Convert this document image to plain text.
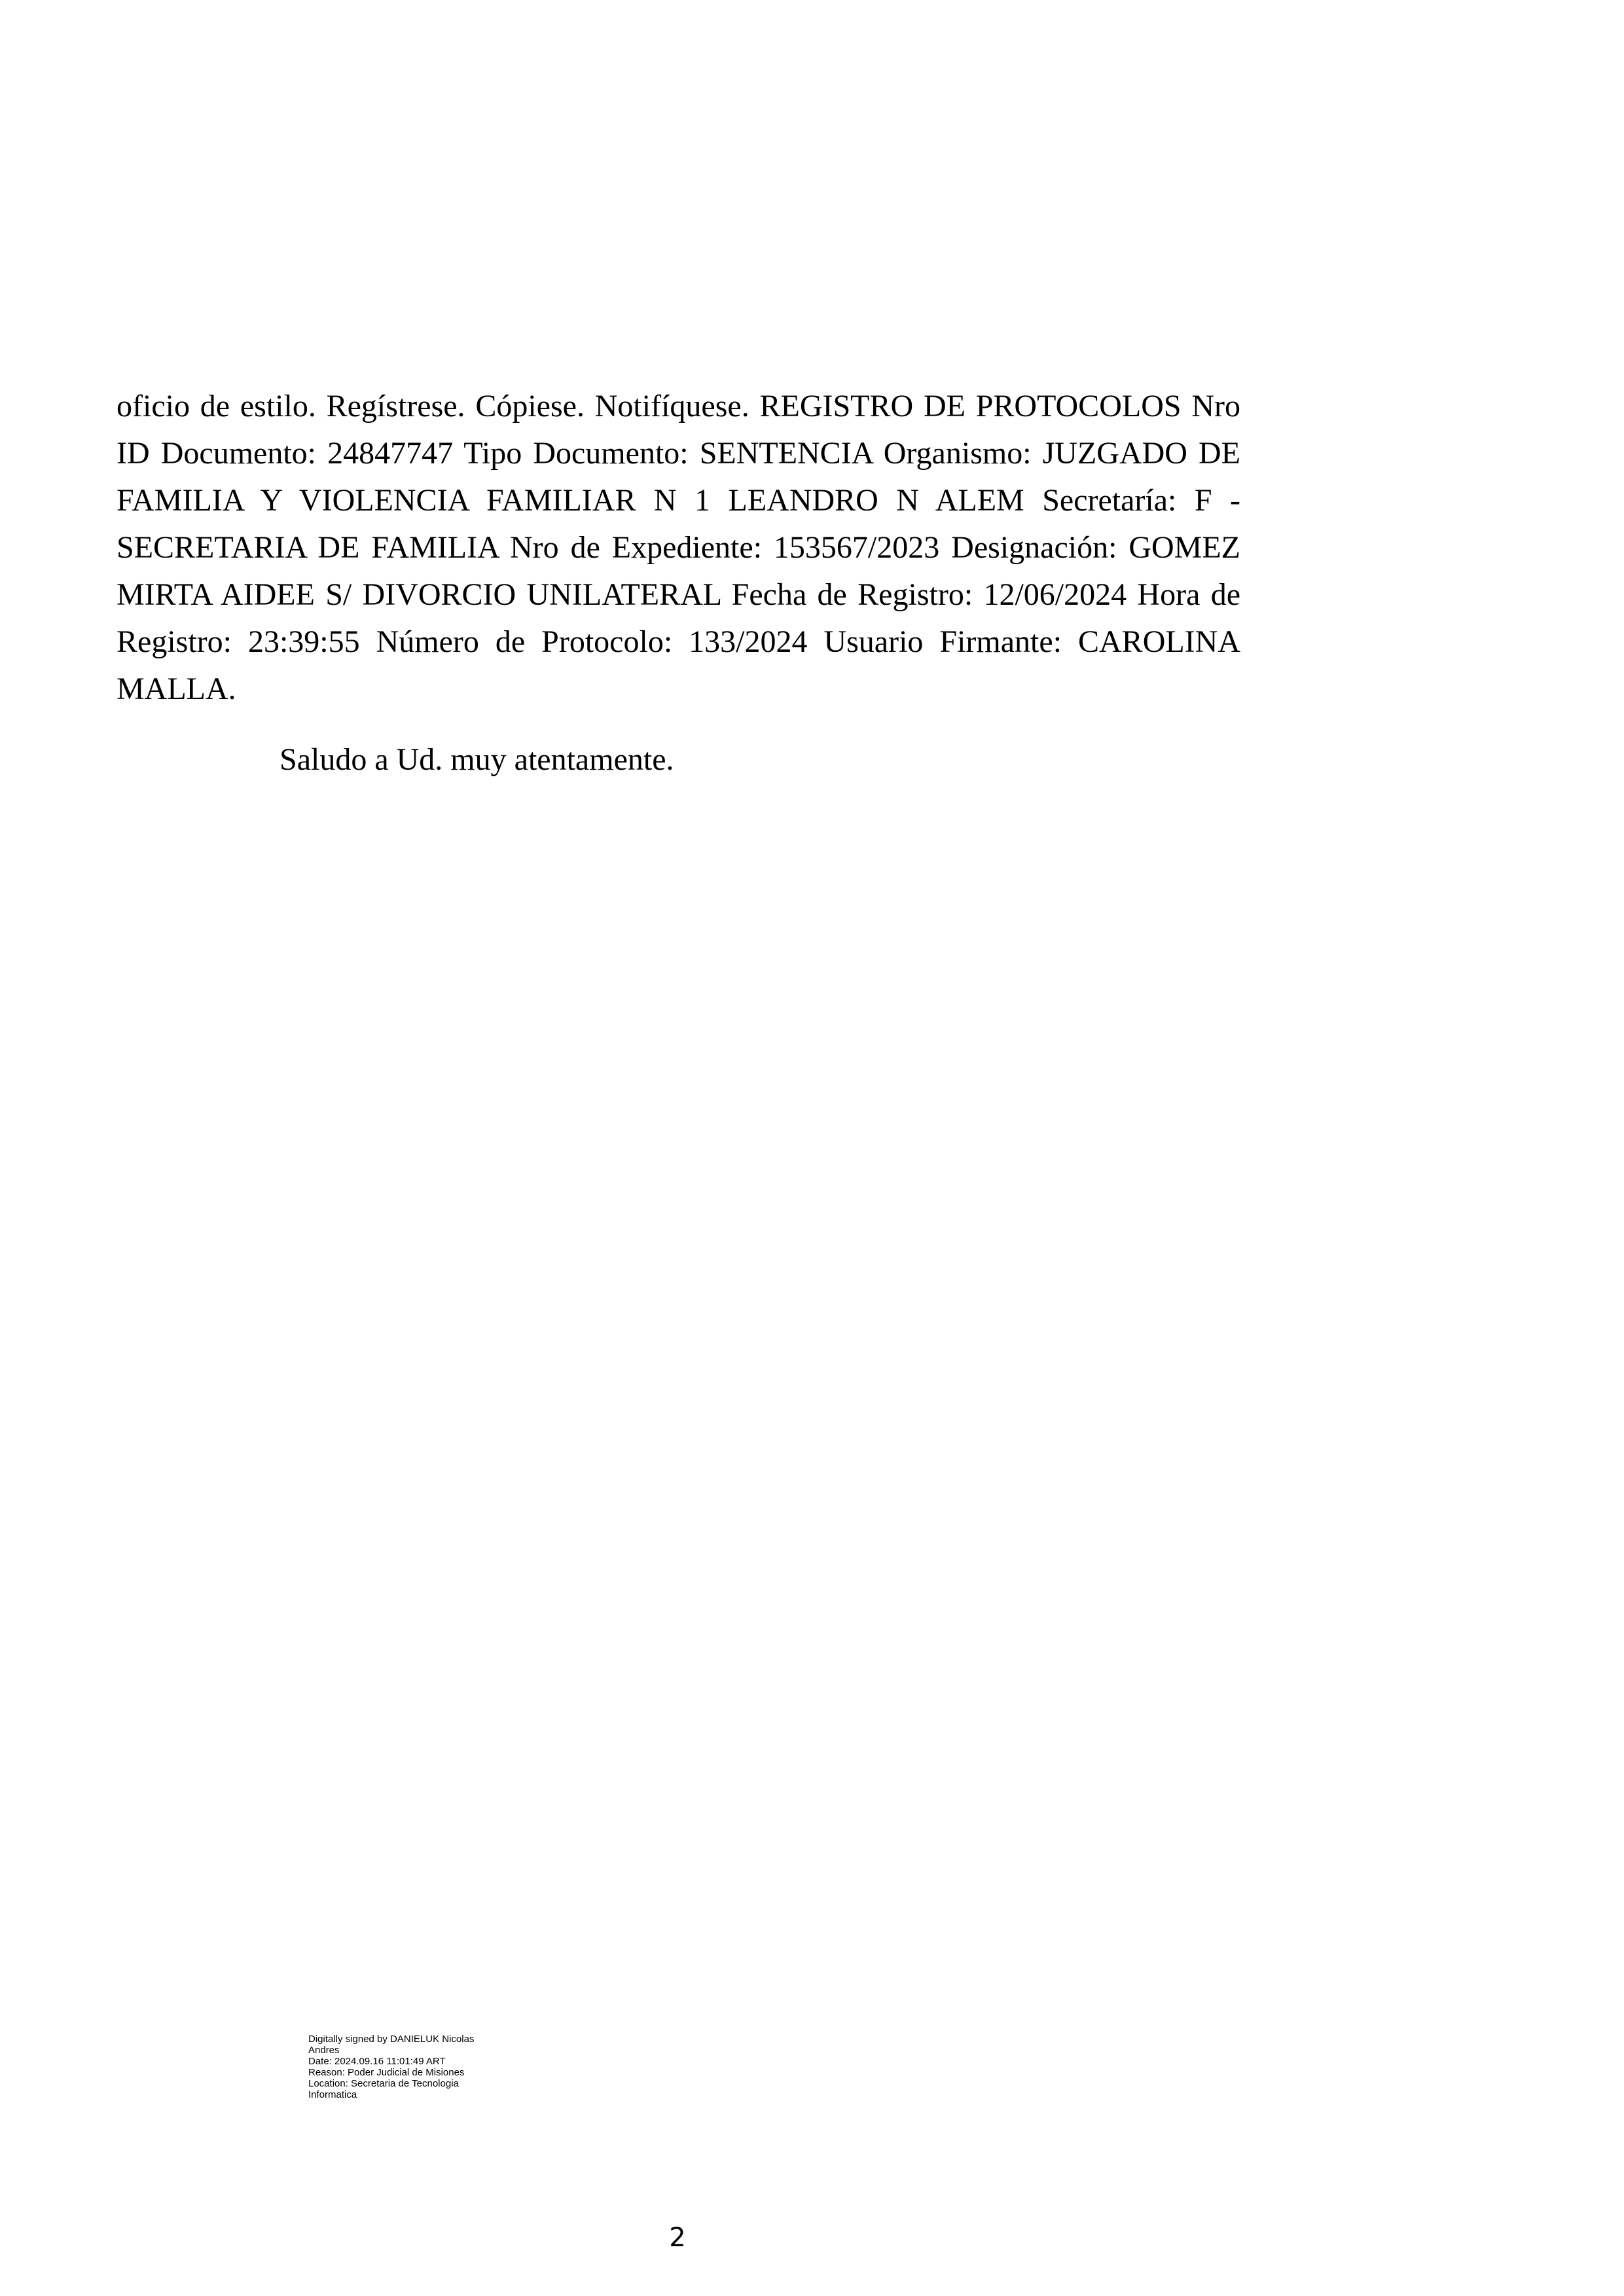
oficio de estilo. Regístrese. Cópiese. Notifíquese. REGISTRO DE PROTOCOLOS Nro ID Documento: 24847747 Tipo Documento: SENTENCIA Organismo: JUZGADO DE FAMILIA Y VIOLENCIA FAMILIAR N 1 LEANDRO N ALEM Secretaría: F - SECRETARIA DE FAMILIA Nro de Expediente: 153567/2023 Designación: GOMEZ MIRTA AIDEE S/ DIVORCIO UNILATERAL Fecha de Registro: 12/06/2024 Hora de Registro: 23:39:55 Número de Protocolo: 133/2024 Usuario Firmante: CAROLINA MALLA.

Saludo a Ud. muy atentamente.

Digitally signed by DANIELUK Nicolas
Andres
Date: 2024.09.16 11:01:49 ART
Reason: Poder Judicial de Misiones
Location: Secretaria de Tecnologia
Informatica
2
